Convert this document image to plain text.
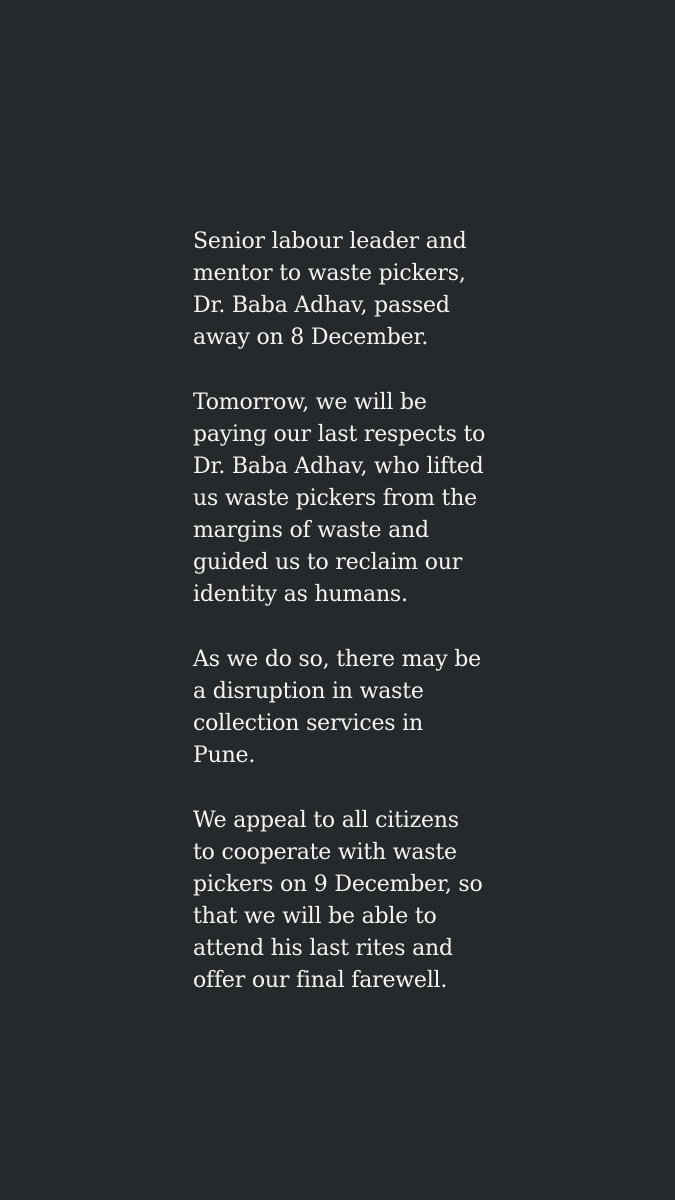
Senior labour leader and
mentor to waste pickers,
Dr. Baba Adhav, passed
away on 8 December.

Tomorrow, we will be
paying our last respects to
Dr. Baba Adhav, who lifted
us waste pickers from the
margins of waste and
guided us to reclaim our
identity as humans.

As we do so, there may be
a disruption in waste
collection services in
Pune.

We appeal to all citizens
to cooperate with waste
pickers on 9 December, so
that we will be able to
attend his last rites and
offer our final farewell.
